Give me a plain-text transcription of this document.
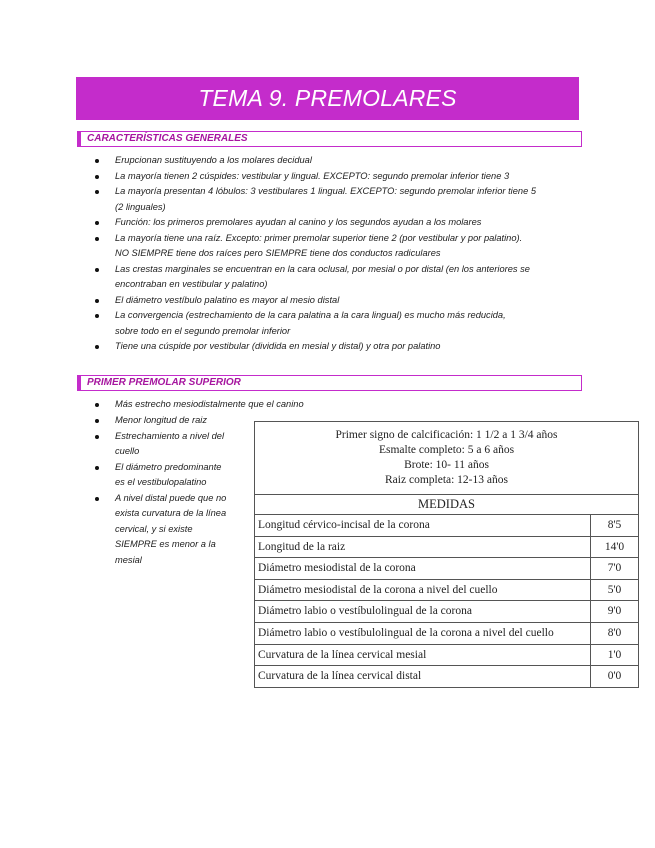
TEMA 9. PREMOLARES
CARACTERÍSTICAS GENERALES
Erupcionan sustituyendo a los molares decidual
La mayoría tienen 2 cúspides: vestibular y lingual. EXCEPTO: segundo premolar inferior tiene 3
La mayoría presentan 4 lóbulos: 3 vestibulares 1 lingual. EXCEPTO: segundo premolar inferior tiene 5
(2 linguales)
Función: los primeros premolares ayudan al canino y los segundos ayudan a los molares
La mayoría tiene una raíz. Excepto: primer premolar superior tiene 2 (por vestibular y por palatino).
NO SIEMPRE tiene dos raíces pero SIEMPRE tiene dos conductos radiculares
Las crestas marginales se encuentran en la cara oclusal, por mesial o por distal (en los anteriores se
encontraban en vestibular y palatino)
El diámetro vestíbulo palatino es mayor al mesio distal
La convergencia (estrechamiento de la cara palatina a la cara lingual) es mucho más reducida,
sobre todo en el segundo premolar inferior
Tiene una cúspide por vestibular (dividida en mesial y distal) y otra por palatino
PRIMER PREMOLAR SUPERIOR
Más estrecho mesiodistalmente que el canino
Menor longitud de raiz
Estrechamiento a nivel del
cuello
El diámetro predominante
es el vestibulopalatino
A nivel distal puede que no
exista curvatura de la línea
cervical, y si existe
SIEMPRE es menor a la
mesial
Primer signo de calcificación: 1 1/2 a 1 3/4 años
Esmalte completo: 5 a 6 años
Brote: 10- 11 años
Raiz completa: 12-13 años
MEDIDAS
Longitud cérvico-incisal de la corona	8'5
Longitud de la raiz	14'0
Diámetro mesiodistal de la corona	7'0
Diámetro mesiodistal de la corona a nivel del cuello	5'0
Diámetro labio o vestíbulolingual de la corona	9'0
Diámetro labio o vestíbulolingual de la corona a nivel del cuello	8'0
Curvatura de la línea cervical mesial	1'0
Curvatura de la línea cervical distal	0'0
